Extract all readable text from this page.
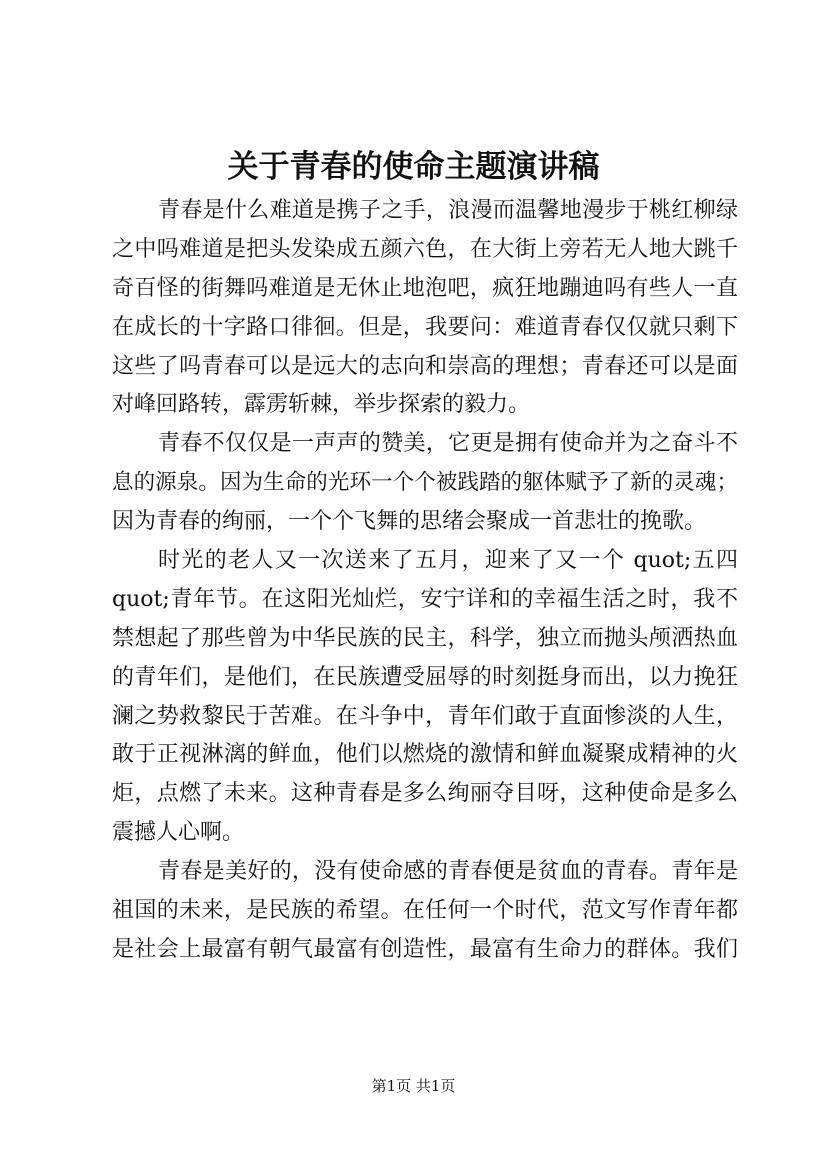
关于青春的使命主题演讲稿
青春是什么难道是携子之手，浪漫而温馨地漫步于桃红柳绿
之中吗难道是把头发染成五颜六色，在大街上旁若无人地大跳千
奇百怪的街舞吗难道是无休止地泡吧，疯狂地蹦迪吗有些人一直
在成长的十字路口徘徊。但是，我要问：难道青春仅仅就只剩下
这些了吗青春可以是远大的志向和崇高的理想；青春还可以是面
对峰回路转，霹雳斩棘，举步探索的毅力。
青春不仅仅是一声声的赞美，它更是拥有使命并为之奋斗不
息的源泉。因为生命的光环一个个被践踏的躯体赋予了新的灵魂；
因为青春的绚丽，一个个飞舞的思绪会聚成一首悲壮的挽歌。
时光的老人又一次送来了五月，迎来了又一个 quot;五四
quot;青年节。在这阳光灿烂，安宁详和的幸福生活之时，我不
禁想起了那些曾为中华民族的民主，科学，独立而抛头颅洒热血
的青年们，是他们，在民族遭受屈辱的时刻挺身而出，以力挽狂
澜之势救黎民于苦难。在斗争中，青年们敢于直面惨淡的人生，
敢于正视淋漓的鲜血，他们以燃烧的激情和鲜血凝聚成精神的火
炬，点燃了未来。这种青春是多么绚丽夺目呀，这种使命是多么
震撼人心啊。
青春是美好的，没有使命感的青春便是贫血的青春。青年是
祖国的未来，是民族的希望。在任何一个时代，范文写作青年都
是社会上最富有朝气最富有创造性，最富有生命力的群体。我们
第1页 共1页
